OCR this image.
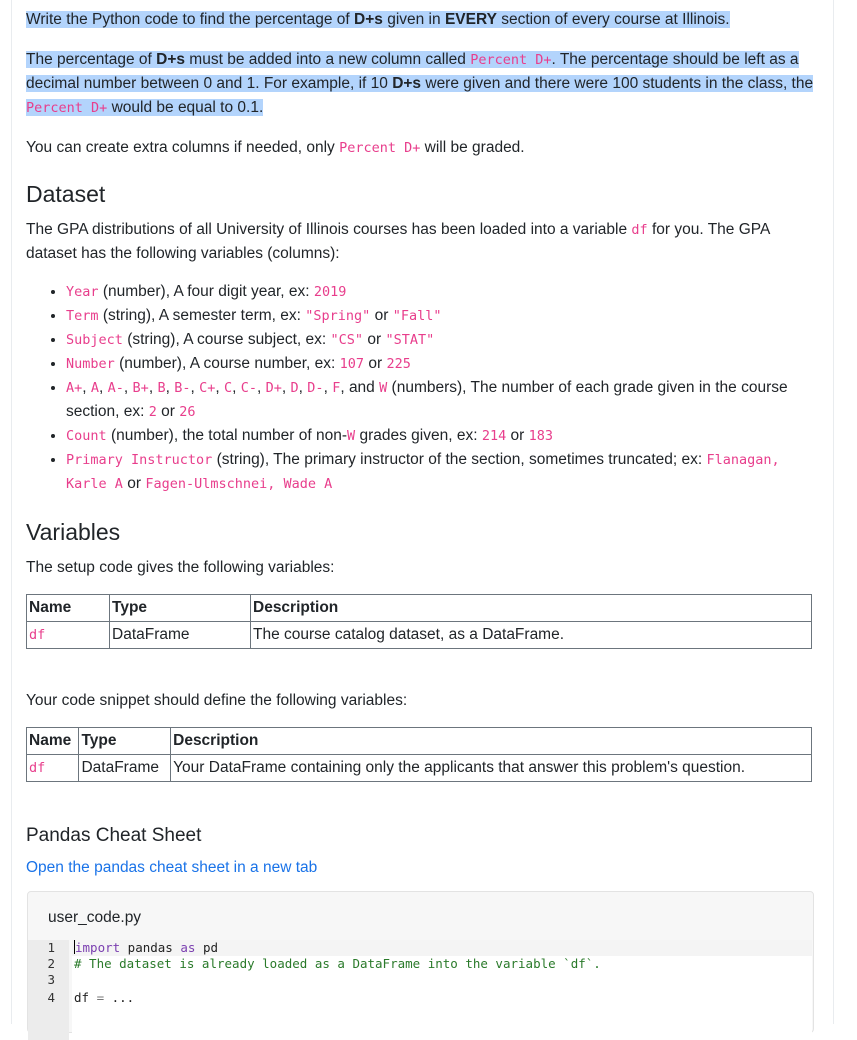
Write the Python code to find the percentage of D+s given in EVERY section of every course at Illinois.

The percentage of D+s must be added into a new column called Percent D+. The percentage should be left as a decimal number between 0 and 1. For example, if 10 D+s were given and there were 100 students in the class, the Percent D+ would be equal to 0.1.

You can create extra columns if needed, only Percent D+ will be graded.

Dataset

The GPA distributions of all University of Illinois courses has been loaded into a variable df for you. The GPA dataset has the following variables (columns):

• Year (number), A four digit year, ex: 2019
• Term (string), A semester term, ex: "Spring" or "Fall"
• Subject (string), A course subject, ex: "CS" or "STAT"
• Number (number), A course number, ex: 107 or 225
• A+, A, A-, B+, B, B-, C+, C, C-, D+, D, D-, F, and W (numbers), The number of each grade given in the course section, ex: 2 or 26
• Count (number), the total number of non-W grades given, ex: 214 or 183
• Primary Instructor (string), The primary instructor of the section, sometimes truncated; ex: Flanagan, Karle A or Fagen-Ulmschnei, Wade A
Variables

The setup code gives the following variables:

Name	Type	Description
df	DataFrame	The course catalog dataset, as a DataFrame.

Your code snippet should define the following variables:

Name	Type	Description
df	DataFrame	Your DataFrame containing only the applicants that answer this problem's question.
Pandas Cheat Sheet

Open the pandas cheat sheet in a new tab

user_code.py
1
2
3
4
import pandas as pd
# The dataset is already loaded as a DataFrame into the variable `df`.
df = ...
